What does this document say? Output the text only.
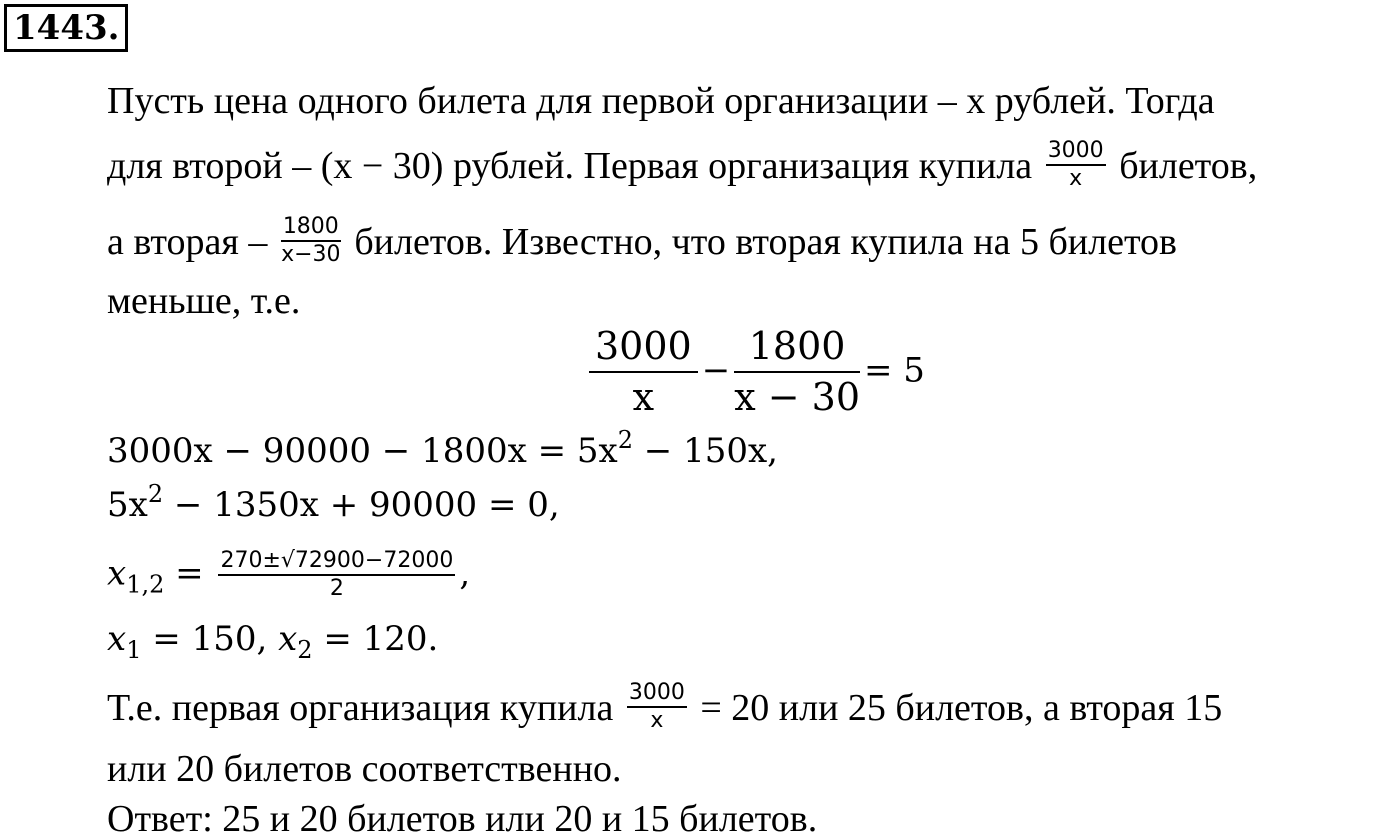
1443.
Пусть цена одного билета для первой организации – x рублей. Тогда
для второй – (x − 30) рублей. Первая организация купила $\frac{3000}{x}$ билетов,
а вторая – $\frac{1800}{x-30}$ билетов. Известно, что вторая купила на 5 билетов
меньше, т.е.
$\frac{3000}{x} - \frac{1800}{x - 30} = 5$
$3000x - 90000 - 1800x = 5x^2 - 150x$,
$5x^2 - 1350x + 90000 = 0$,
$x_{1,2} = \frac{270\pm√72900-72000}{2}$ ,
$x_1 = 150$, $x_2 = 120$.
Т.е. первая организация купила $\frac{3000}{x} = 20$ или 25 билетов, а вторая 15
или 20 билетов соответственно.
Ответ: 25 и 20 билетов или 20 и 15 билетов.
